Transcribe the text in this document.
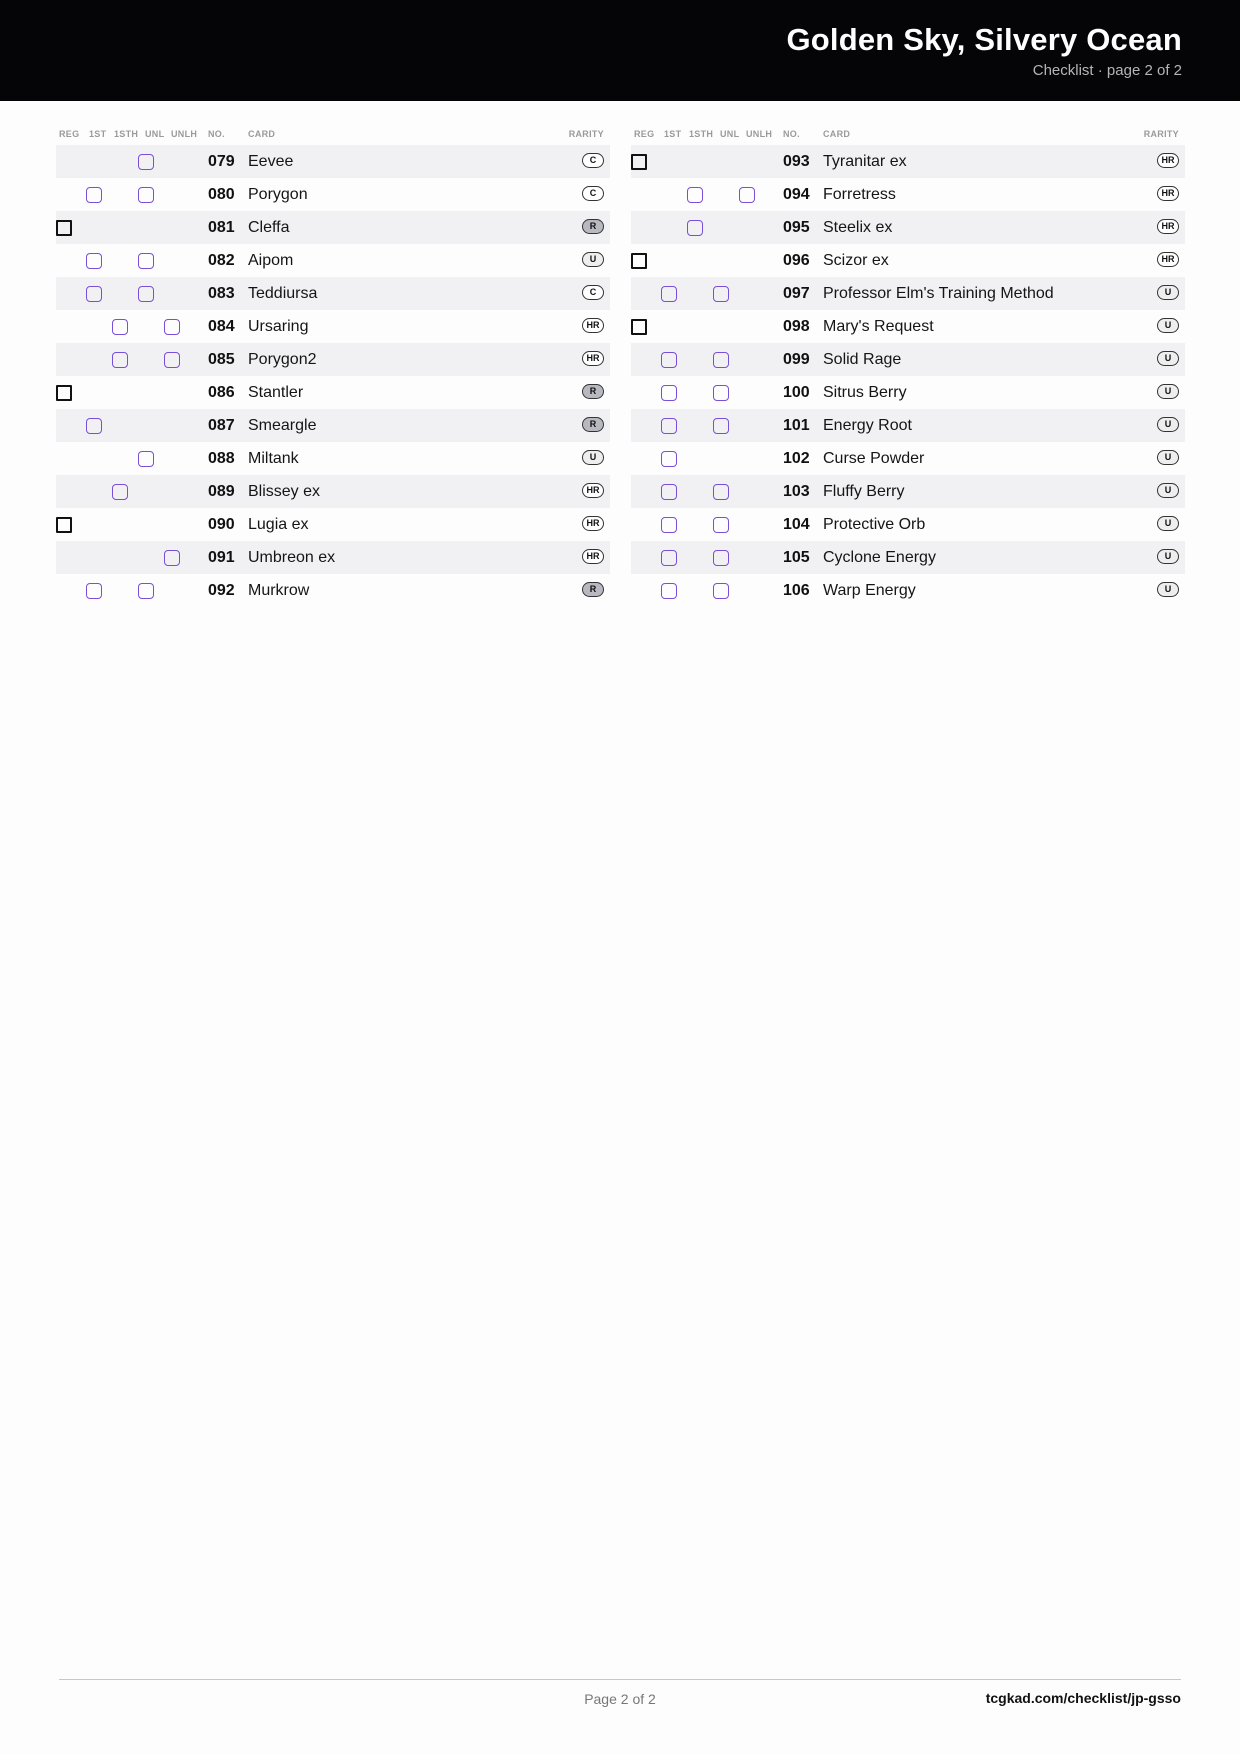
Golden Sky, Silvery Ocean
Checklist · page 2 of 2
REG 1ST 1STH UNL UNLH NO.	CARD	RARITY
079 Eevee	C
080 Porygon	C
081 Cleffa	R
082 Aipom	U
083 Teddiursa	C
084 Ursaring	HR
085 Porygon2	HR
086 Stantler	R
087 Smeargle	R
088 Miltank	U
089 Blissey ex	HR
090 Lugia ex	HR
091 Umbreon ex	HR
092 Murkrow	R
REG 1ST 1STH UNL UNLH NO.	CARD	RARITY
093 Tyranitar ex	HR
094 Forretress	HR
095 Steelix ex	HR
096 Scizor ex	HR
097 Professor Elm's Training Method	U
098 Mary's Request	U
099 Solid Rage	U
100 Sitrus Berry	U
101 Energy Root	U
102 Curse Powder	U
103 Fluffy Berry	U
104 Protective Orb	U
105 Cyclone Energy	U
106 Warp Energy	U
Page 2 of 2	tcgkad.com/checklist/jp-gsso
